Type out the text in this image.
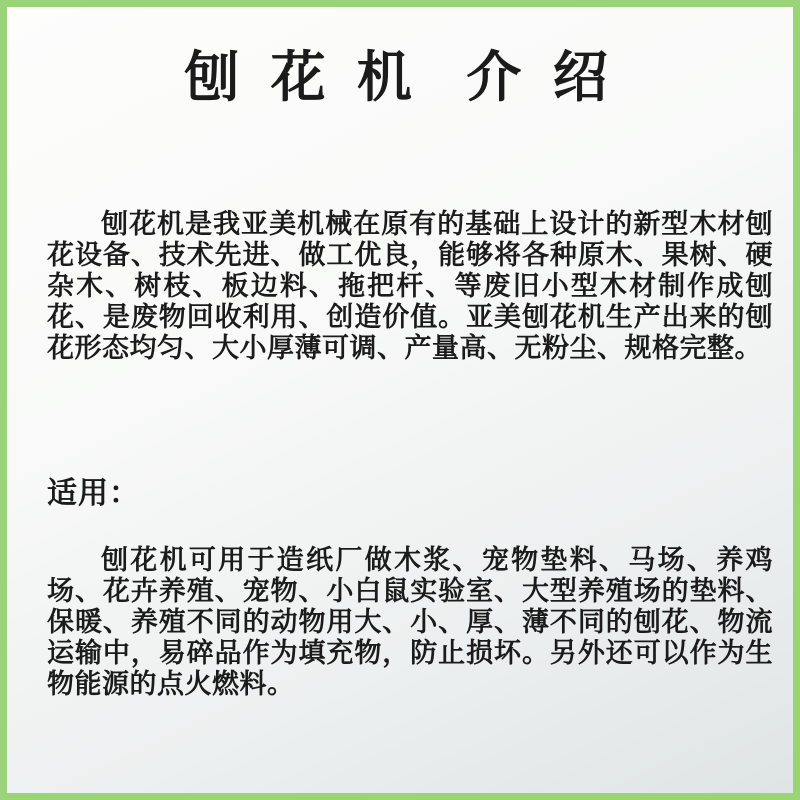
刨 花 机  介 绍

刨花机是我亚美机械在原有的基础上设计的新型木材刨花设备、技术先进、做工优良，能够将各种原木、果树、硬杂木、树枝、板边料、拖把杆、等废旧小型木材制作成刨花、是废物回收利用、创造价值。亚美刨花机生产出来的刨花形态均匀、大小厚薄可调、产量高、无粉尘、规格完整。

适用：

刨花机可用于造纸厂做木浆、宠物垫料、马场、养鸡场、花卉养殖、宠物、小白鼠实验室、大型养殖场的垫料、保暖、养殖不同的动物用大、小、厚、薄不同的刨花、物流运输中，易碎品作为填充物，防止损坏。另外还可以作为生物能源的点火燃料。
